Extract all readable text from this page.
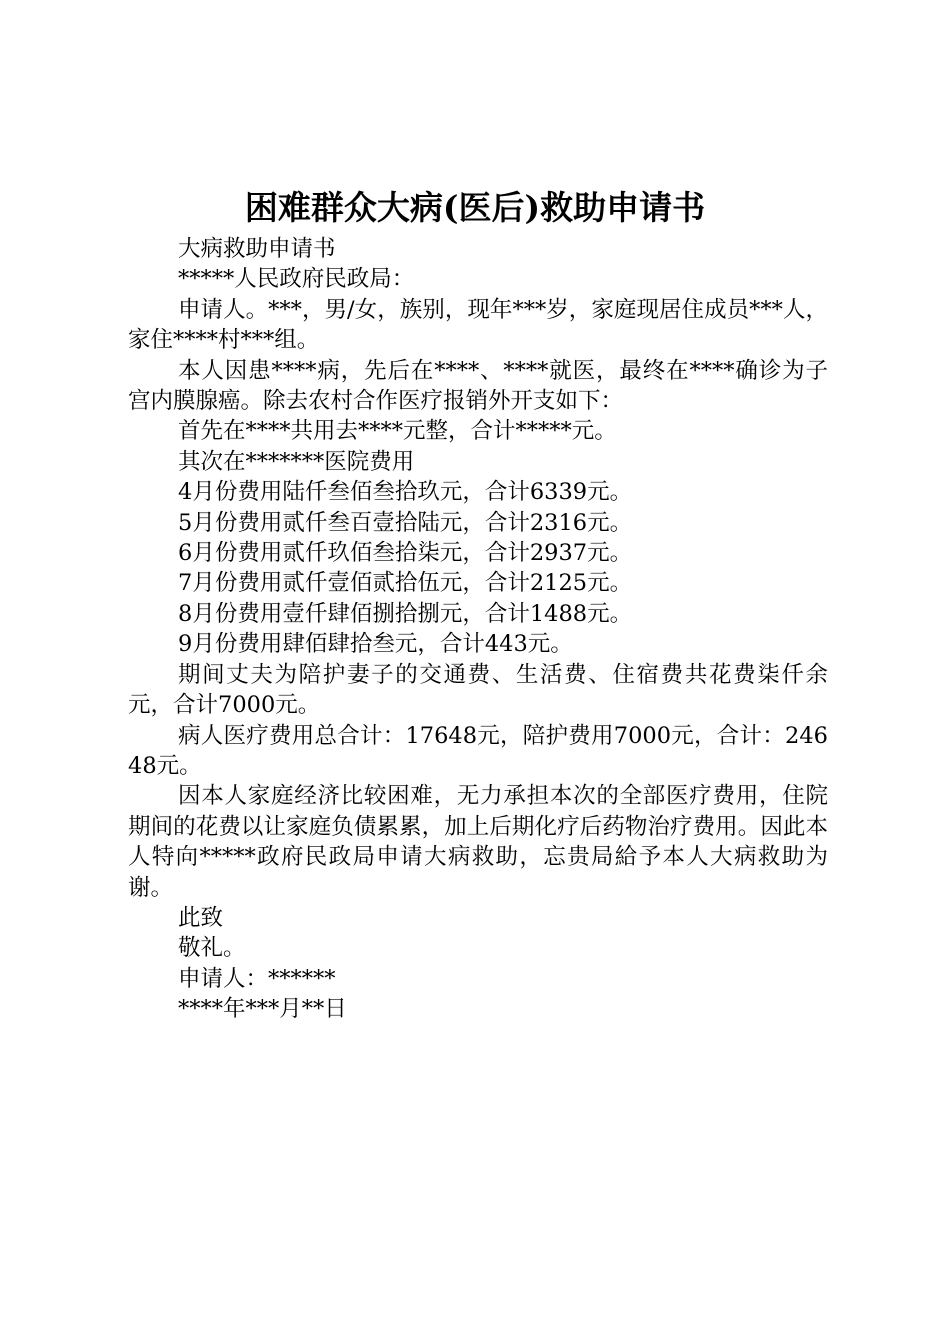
困难群众大病(医后)救助申请书

大病救助申请书

*****人民政府民政局：

申请人。***，男/女，族别，现年***岁，家庭现居住成员***人，家住****村***组。

本人因患****病，先后在****、****就医，最终在****确诊为子宫内膜腺癌。除去农村合作医疗报销外开支如下：

首先在****共用去****元整，合计*****元。

其次在*******医院费用

4月份费用陆仟叁佰叁拾玖元，合计6339元。

5月份费用贰仟叁百壹拾陆元，合计2316元。

6月份费用贰仟玖佰叁拾柒元，合计2937元。

7月份费用贰仟壹佰贰拾伍元，合计2125元。

8月份费用壹仟肆佰捌拾捌元，合计1488元。

9月份费用肆佰肆拾叁元，合计443元。

期间丈夫为陪护妻子的交通费、生活费、住宿费共花费柒仟余元，合计7000元。

病人医疗费用总合计：17648元，陪护费用7000元，合计：24648元。

因本人家庭经济比较困难，无力承担本次的全部医疗费用，住院期间的花费以让家庭负债累累，加上后期化疗后药物治疗费用。因此本人特向*****政府民政局申请大病救助，忘贵局給予本人大病救助为谢。

此致

敬礼。

申请人：******

****年***月**日
